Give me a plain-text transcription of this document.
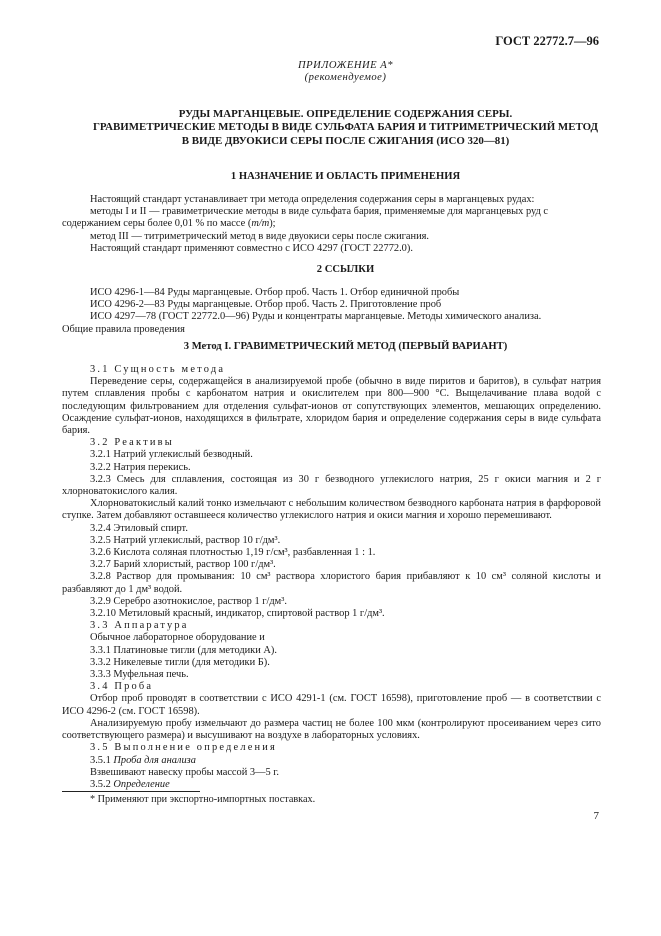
ГОСТ 22772.7—96
ПРИЛОЖЕНИЕ А*
(рекомендуемое)
РУДЫ МАРГАНЦЕВЫЕ. ОПРЕДЕЛЕНИЕ СОДЕРЖАНИЯ СЕРЫ.
ГРАВИМЕТРИЧЕСКИЕ МЕТОДЫ В ВИДЕ СУЛЬФАТА БАРИЯ И ТИТРИМЕТРИЧЕСКИЙ МЕТОД
В ВИДЕ ДВУОКИСИ СЕРЫ ПОСЛЕ СЖИГАНИЯ (ИСО 320—81)
1 НАЗНАЧЕНИЕ И ОБЛАСТЬ ПРИМЕНЕНИЯ

Настоящий стандарт устанавливает три метода определения содержания серы в марганцевых рудах:

методы I и II — гравиметрические методы в виде сульфата бария, применяемые для марганцевых руд с

содержанием серы более 0,01 % по массе (m/m);

метод III — титриметрический метод в виде двуокиси серы после сжигания.

Настоящий стандарт применяют совместно с ИСО 4297 (ГОСТ 22772.0).

2 ССЫЛКИ

ИСО 4296-1—84 Руды марганцевые. Отбор проб. Часть 1. Отбор единичной пробы

ИСО 4296-2—83 Руды марганцевые. Отбор проб. Часть 2. Приготовление проб

ИСО 4297—78 (ГОСТ 22772.0—96) Руды и концентраты марганцевые. Методы химического анализа.

Общие правила проведения

3 Метод I. ГРАВИМЕТРИЧЕСКИЙ МЕТОД (ПЕРВЫЙ ВАРИАНТ)

3.1 Сущность метода

Переведение серы, содержащейся в анализируемой пробе (обычно в виде пиритов и баритов), в сульфат натрия путем сплавления пробы с карбонатом натрия и окислителем при 800—900 °С. Выщелачивание плава водой с последующим фильтрованием для отделения сульфат-ионов от сопутствующих элементов, мешающих определению. Осаждение сульфат-ионов, находящихся в фильтрате, хлоридом бария и определение содержания серы в виде сульфата бария.

3.2 Реактивы

3.2.1 Натрий углекислый безводный.

3.2.2 Натрия перекись.

3.2.3 Смесь для сплавления, состоящая из 30 г безводного углекислого натрия, 25 г окиси магния и 2 г хлорноватокислого калия.

Хлорноватокислый калий тонко измельчают с небольшим количеством безводного карбоната натрия в фарфоровой ступке. Затем добавляют оставшееся количество углекислого натрия и окиси магния и хорошо перемешивают.

3.2.4 Этиловый спирт.

3.2.5 Натрий углекислый, раствор 10 г/дм³.

3.2.6 Кислота соляная плотностью 1,19 г/см³, разбавленная 1 : 1.

3.2.7 Барий хлористый, раствор 100 г/дм³.

3.2.8 Раствор для промывания: 10 см³ раствора хлористого бария прибавляют к 10 см³ соляной кислоты и разбавляют до 1 дм³ водой.

3.2.9 Серебро азотнокислое, раствор 1 г/дм³.

3.2.10 Метиловый красный, индикатор, спиртовой раствор 1 г/дм³.

3.3 Аппаратура

Обычное лабораторное оборудование и

3.3.1 Платиновые тигли (для методики А).

3.3.2 Никелевые тигли (для методики Б).

3.3.3 Муфельная печь.

3.4 Проба

Отбор проб проводят в соответствии с ИСО 4291-1 (см. ГОСТ 16598), приготовление проб — в соответствии с ИСО 4296-2 (см. ГОСТ 16598).

Анализируемую пробу измельчают до размера частиц не более 100 мкм (контролируют просеиванием через сито соответствующего размера) и высушивают на воздухе в лабораторных условиях.

3.5 Выполнение определения

3.5.1 Проба для анализа

Взвешивают навеску пробы массой 3—5 г.

3.5.2 Определение

* Применяют при экспортно-импортных поставках.
7
